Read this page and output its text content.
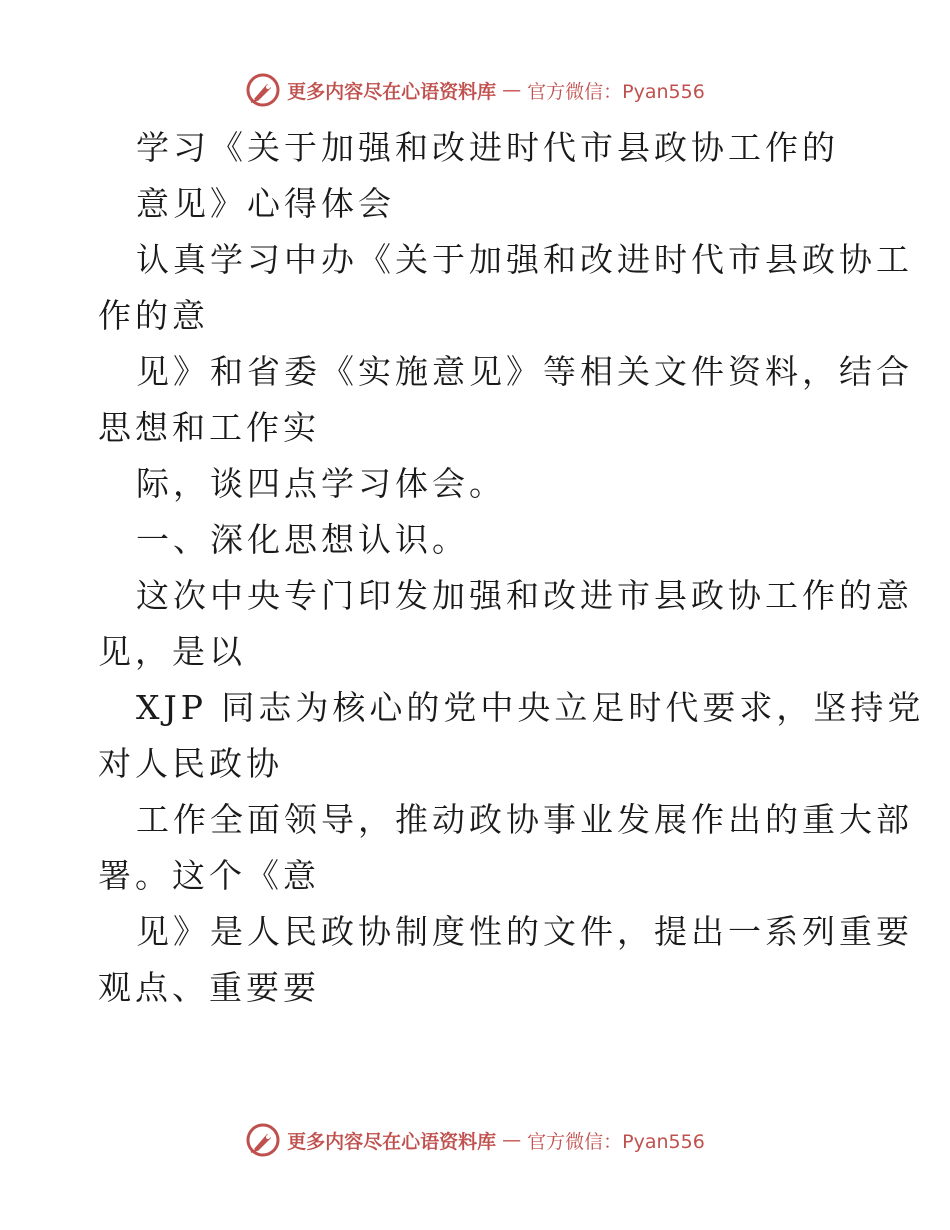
更多内容尽在心语资料库 — 官方微信：Pyan556
学习《关于加强和改进时代市县政协工作的
意见》心得体会
认真学习中办《关于加强和改进时代市县政协工
作的意
见》和省委《实施意见》等相关文件资料，结合
思想和工作实
际，谈四点学习体会。
一、深化思想认识。
这次中央专门印发加强和改进市县政协工作的意
见，是以
XJP 同志为核心的党中央立足时代要求，坚持党
对人民政协
工作全面领导，推动政协事业发展作出的重大部
署。这个《意
见》是人民政协制度性的文件，提出一系列重要
观点、重要要
更多内容尽在心语资料库 — 官方微信：Pyan556
